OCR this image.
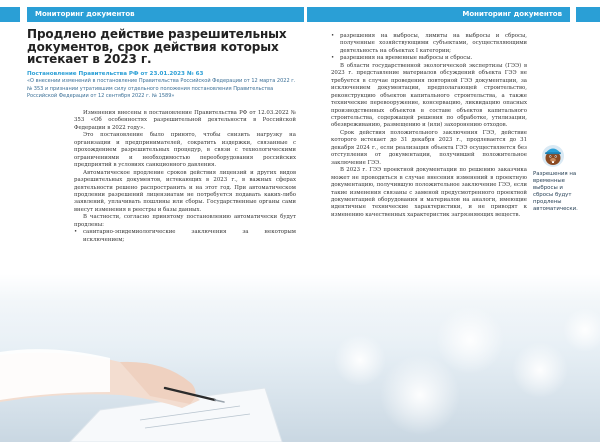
Мониторинг документов	Мониторинг документов
Продлено действие разрешительных документов, срок действия которых истекает в 2023 г.
Постановление Правительства РФ от 23.01.2023 № 63
«О внесении изменений в постановление Правительства Российской Федерации от 12 марта 2022 г. № 353 и признании утратившим силу отдельного положения постановления Правительства Российской Федерации от 12 сентября 2022 г. № 1589»

Изменения внесены в постановление Правительства РФ от 12.03.2022 № 353 «Об особенностях разрешительной деятельности в Российской Федерации в 2022 году».

Это постановление было принято, чтобы снизить нагрузку на организации и предпринимателей, сократить издержки, связанные с прохождением разрешительных процедур, в связи с технологическими ограничениями и необходимостью переоборудования российских предприятий в условиях санкционного давления.

Автоматическое продление сроков действия лицензий и других видов разрешительных документов, истекающих в 2023 г., в важных сферах деятельности решено распространить и на этот год. При автоматическом продлении разрешений лицензиатам не потребуется подавать каких-либо заявлений, уплачивать пошлины или сборы. Государственные органы сами внесут изменения в реестры и базы данных.

В частности, согласно принятому постановлению автоматически будут продлены:

• санитарно-эпидемиологические заключения за некоторым исключением;
• разрешения на выбросы, лимиты на выбросы и сбросы, полученные хозяйствующими субъектами, осуществляющими деятельность на объектах I категории;
• разрешения на временные выбросы и сбросы.

В области государственной экологической экспертизы (ГЭЭ) в 2023 г. представление материалов обсуждений объекта ГЭЭ не требуется в случае проведения повторной ГЭЭ документации, за исключением документации, предполагающей строительство, реконструкцию объектов капитального строительства, а также технические перевооружение, консервацию, ликвидацию опасных производственных объектов в составе объектов капитального строительства, содержащей решения по обработке, утилизации, обезвреживанию, размещению и (или) захоронению отходов.

Срок действия положительного заключения ГЭЭ, действие которого истекает до 31 декабря 2023 г., продлевается до 31 декабря 2024 г., если реализация объекта ГЭЭ осуществляется без отступления от документации, получившей положительное заключение ГЭЭ.

В 2023 г. ГЭЭ проектной документации по решению заказчика может не проводиться в случае внесения изменений в проектную документацию, получившую положительное заключение ГЭЭ, если такие изменения связаны с заменой предусмотренного проектной документацией оборудования и материалов на аналоги, имеющие идентичные технические характеристики, и не приводят к изменению качественных характеристик загрязняющих веществ.

Разрешения на временные выбросы и сбросы будут продлены автоматически.
